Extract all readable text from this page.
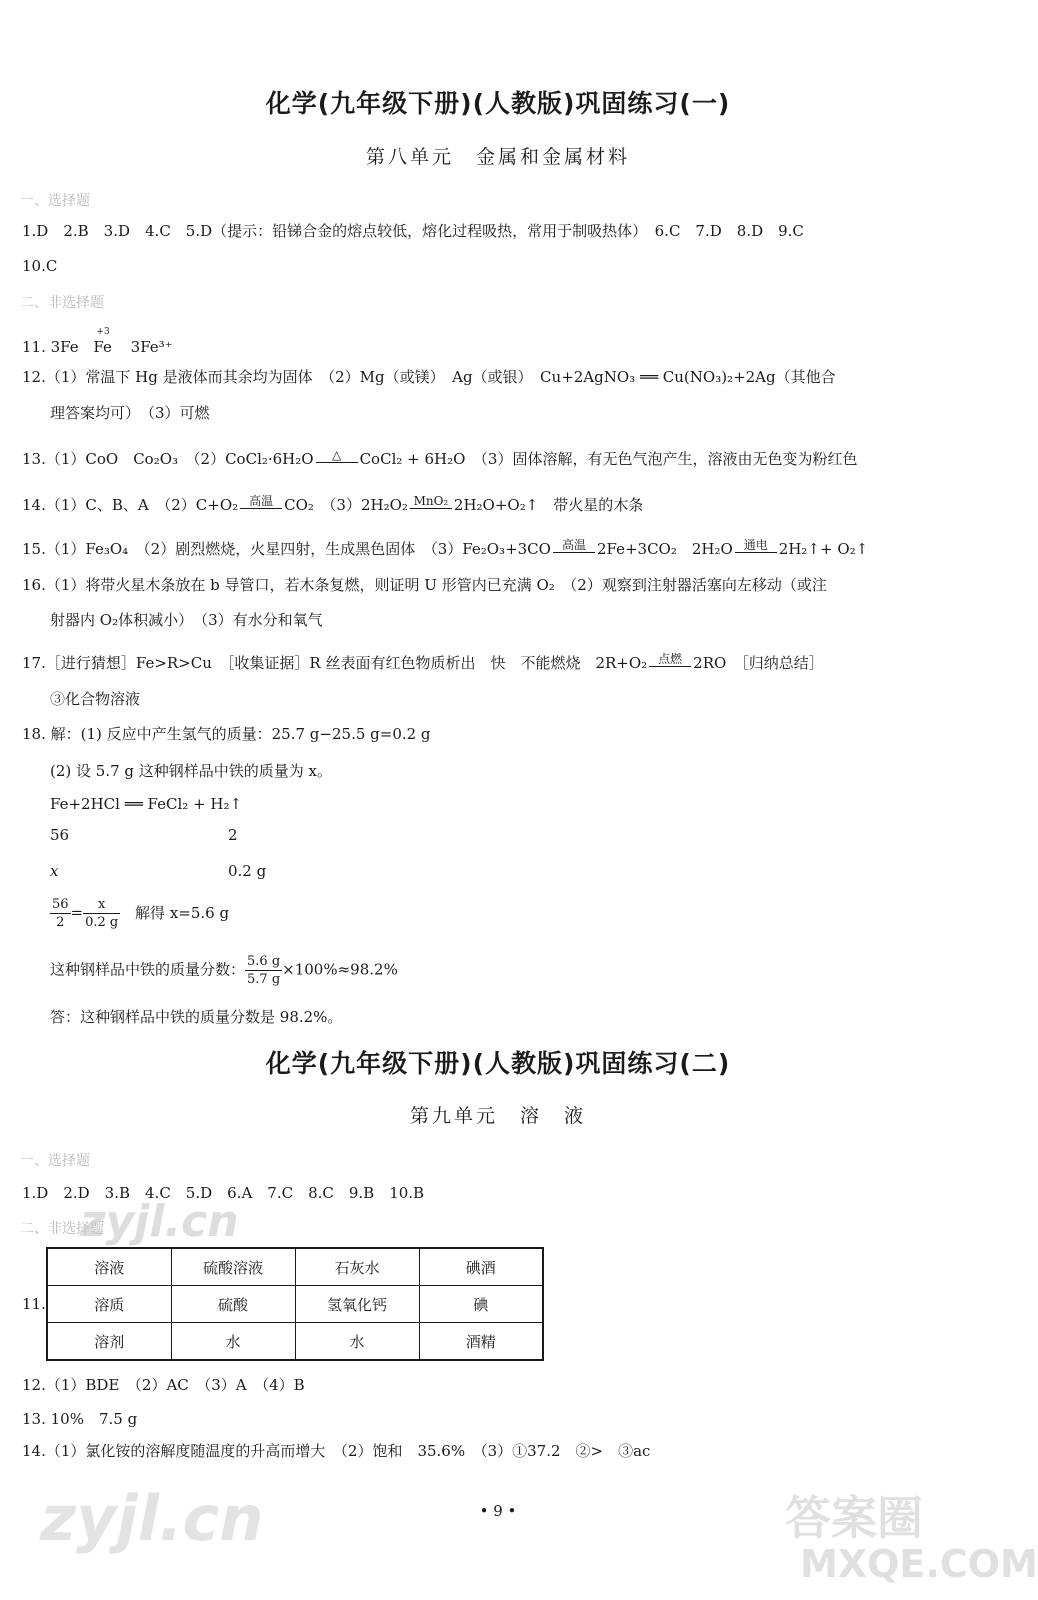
化学(九年级下册)(人教版)巩固练习(一)
第八单元　金属和金属材料
一、选择题
1.D　2.B　3.D　4.C　5.D（提示：铅锑合金的熔点较低，熔化过程吸热，常用于制吸热体）　6.C　7.D　8.D　9.C
10.C
二、非选择题
11. 3Fe
+3
Fe 3Fe³⁺
12.（1）常温下 Hg 是液体而其余均为固体　（2）Mg（或镁）　Ag（或银）　Cu+2AgNO₃ ══ Cu(NO₃)₂+2Ag（其他合
理答案均可）　（3）可燃
13.（1）CoO　Co₂O₃　（2）CoCl₂·6H₂O	△	CoCl₂ + 6H₂O　（3）固体溶解，有无色气泡产生，溶液由无色变为粉红色
14.（1）C、B、A　（2）C+O₂ 高温 CO₂　（3）2H₂O₂ MnO₂ 2H₂O+O₂↑　带火星的木条
15.（1）Fe₃O₄　（2）剧烈燃烧，火星四射，生成黑色固体　（3）Fe₂O₃+3CO 高温 2Fe+3CO₂　2H₂O 通电 2H₂↑+ O₂↑
16.（1）将带火星木条放在 b 导管口，若木条复燃，则证明 U 形管内已充满 O₂　（2）观察到注射器活塞向左移动（或注
射器内 O₂体积减小）　（3）有水分和氧气
17.［进行猜想］Fe>R>Cu　［收集证据］R 丝表面有红色物质析出　快　不能燃烧　2R+O₂ 点燃 2RO　［归纳总结］
③化合物溶液
18. 解：(1) 反应中产生氢气的质量：25.7 g−25.5 g=0.2 g
(2) 设 5.7 g 这种钢样品中铁的质量为 x。
Fe+2HCl ══ FeCl₂ + H₂↑
56	2
x	0.2 g
$\frac{56}{2} = \frac{x}{0.2 g}$ 解得 x=5.6 g
这种钢样品中铁的质量分数： $\frac{5.6 g}{5.7 g} \times 100\%\approx 98.2\%$
答：这种钢样品中铁的质量分数是 98.2%。
化学(九年级下册)(人教版)巩固练习(二)
第九单元　溶　液
一、选择题
1.D　2.D　3.B　4.C　5.D　6.A　7.C　8.C　9.B　10.B
二、非选择题
11.
溶液	硫酸溶液	石灰水	碘酒
溶质	硫酸	氢氧化钙	碘
溶剂	水	水	酒精
12.（1）BDE　（2）AC　（3）A　（4）B
13. 10%　7.5 g
14.（1）氯化铵的溶解度随温度的升高而增大　（2）饱和　35.6%　（3）①37.2　②>　③ac
• 9 •
zyjl.cn
zyjl.cn	答案圈
MXQE.COM
